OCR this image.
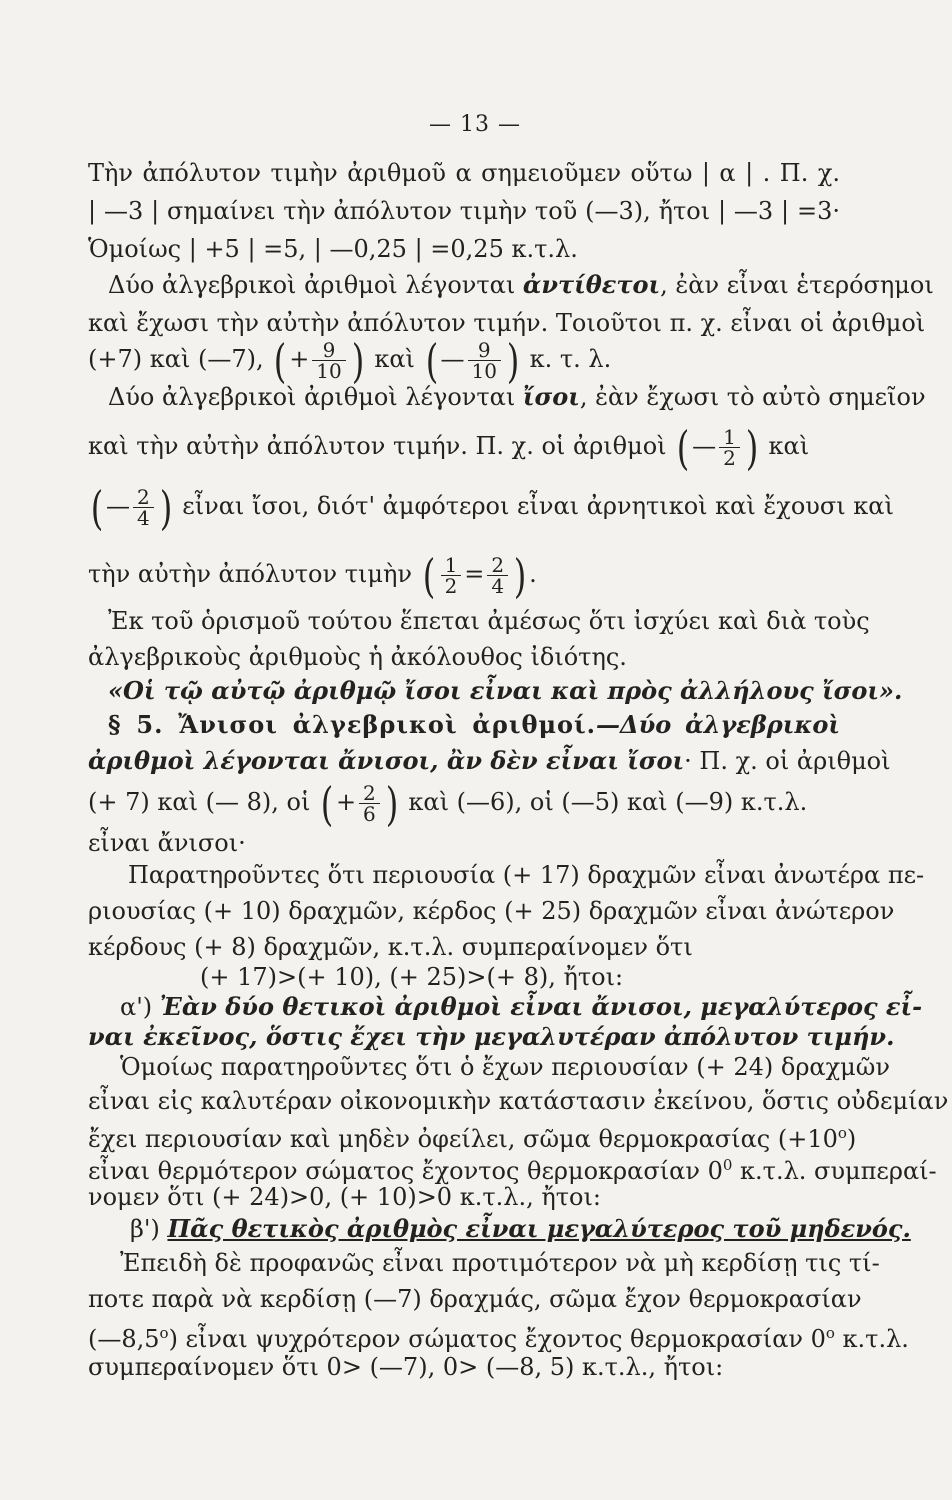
— 13 —
Τὴν ἀπόλυτον τιμὴν ἀριθμοῦ α σημειοῦμεν οὕτω | α | . Π. χ.
| —3 | σημαίνει τὴν ἀπόλυτον τιμὴν τοῦ (—3), ἤτοι | —3 | =3·
Ὁμοίως | +5 | =5, | —0,25 | =0,25 κ.τ.λ.
Δύο ἀλγεβρικοὶ ἀριθμοὶ λέγονται ἀντίθετοι, ἐὰν εἶναι ἑτερόσημοι
καὶ ἔχωσι τὴν αὐτὴν ἀπόλυτον τιμήν. Τοιοῦτοι π. χ. εἶναι οἱ ἀριθμοὶ
(+7) καὶ (—7), ( + $\frac{9}{10}$ ) καὶ ( — $\frac{9}{10}$ ) κ. τ. λ.
Δύο ἀλγεβρικοὶ ἀριθμοὶ λέγονται ἴσοι, ἐὰν ἔχωσι τὸ αὐτὸ σημεῖον
καὶ τὴν αὐτὴν ἀπόλυτον τιμήν. Π. χ. οἱ ἀριθμοὶ ( — $\frac{1}{2}$ ) καὶ
( — $\frac{2}{4}$ ) εἶναι ἴσοι, διότ' ἀμφότεροι εἶναι ἀρνητικοὶ καὶ ἔχουσι καὶ
τὴν αὐτὴν ἀπόλυτον τιμὴν ( $\frac{1}{2} = \frac{2}{4}$ ) .
Ἐκ τοῦ ὁρισμοῦ τούτου ἕπεται ἀμέσως ὅτι ἰσχύει καὶ διὰ τοὺς
ἀλγεβρικοὺς ἀριθμοὺς ἡ ἀκόλουθος ἰδιότης.
«Οἱ τῷ αὐτῷ ἀριθμῷ ἴσοι εἶναι καὶ πρὸς ἀλλήλους ἴσοι».
§ 5. Ἄνισοι ἀλγεβρικοὶ ἀριθμοί.—Δύο ἀλγεβρικοὶ
ἀριθμοὶ λέγονται ἄνισοι, ἂν δὲν εἶναι ἴσοι· Π. χ. οἱ ἀριθμοὶ
(+ 7) καὶ (— 8), οἱ ( + $\frac{2}{6}$ ) καὶ (—6), οἱ (—5) καὶ (—9) κ.τ.λ.
εἶναι ἄνισοι·
Παρατηροῦντες ὅτι περιουσία (+ 17) δραχμῶν εἶναι ἀνωτέρα πε-
ριουσίας (+ 10) δραχμῶν, κέρδος (+ 25) δραχμῶν εἶναι ἀνώτερον
κέρδους (+ 8) δραχμῶν, κ.τ.λ. συμπεραίνομεν ὅτι
(+ 17)>(+ 10), (+ 25)>(+ 8), ἤτοι:
α') Ἐὰν δύο θετικοὶ ἀριθμοὶ εἶναι ἄνισοι, μεγαλύτερος εἶ-
ναι ἐκεῖνος, ὅστις ἔχει τὴν μεγαλυτέραν ἀπόλυτον τιμήν.
Ὁμοίως παρατηροῦντες ὅτι ὁ ἔχων περιουσίαν (+ 24) δραχμῶν
εἶναι εἰς καλυτέραν οἰκονομικὴν κατάστασιν ἐκείνου, ὅστις οὐδεμίαν
ἔχει περιουσίαν καὶ μηδὲν ὀφείλει, σῶμα θερμοκρασίας $(+10^o)$
εἶναι θερμότερον σώματος ἔχοντος θερμοκρασίαν $0^0$ κ.τ.λ. συμπεραί-
νομεν ὅτι (+ 24)>0, (+ 10)>0 κ.τ.λ., ἤτοι:
β') Πᾶς θετικὸς ἀριθμὸς εἶναι μεγαλύτερος τοῦ μηδενός.
Ἐπειδὴ δὲ προφανῶς εἶναι προτιμότερον νὰ μὴ κερδίσῃ τις τί-
ποτε παρὰ νὰ κερδίσῃ (—7) δραχμάς, σῶμα ἔχον θερμοκρασίαν
(—8,5$^o$) εἶναι ψυχρότερον σώματος ἔχοντος θερμοκρασίαν 0$^o$ κ.τ.λ.
συμπεραίνομεν ὅτι 0> (—7), 0> (—8, 5) κ.τ.λ., ἤτοι:
